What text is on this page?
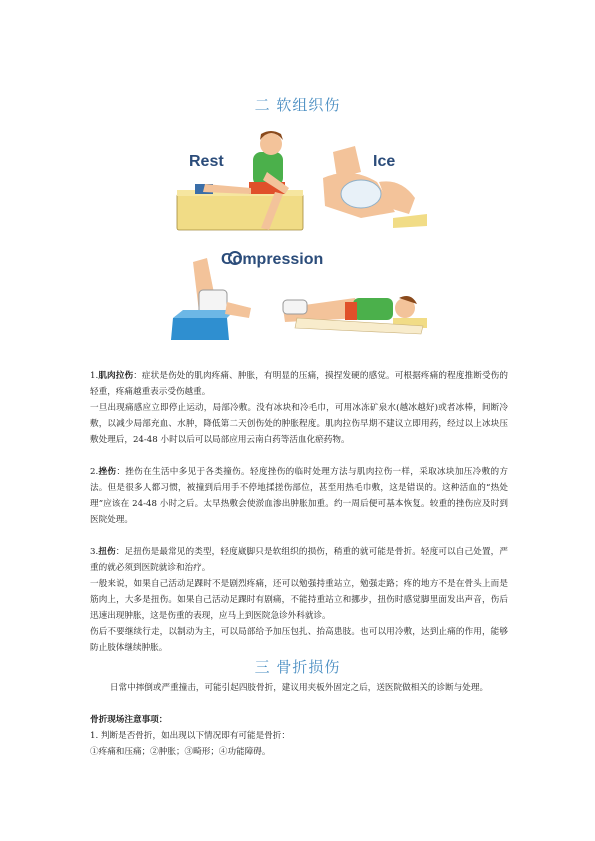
二 软组织伤
Rest	Ice
Compression

1.肌肉拉伤：症状是伤处的肌肉疼痛、肿胀，有明显的压痛，摸捏发硬的感觉。可根据疼痛的程度推断受伤的轻重，疼痛越重表示受伤越重。

一旦出现痛感应立即停止运动，局部冷敷。没有冰块和冷毛巾，可用冰冻矿泉水(越冰越好)或者冰棒，间断冷敷，以减少局部充血、水肿，降低第二天创伤处的肿胀程度。肌肉拉伤早期不建议立即用药，经过以上冰块压敷处理后，24-48 小时以后可以局部应用云南白药等活血化瘀药物。

2.挫伤：挫伤在生活中多见于各类撞伤。轻度挫伤的临时处理方法与肌肉拉伤一样，采取冰块加压冷敷的方法。但是很多人都习惯，被撞到后用手不停地揉搓伤部位，甚至用热毛巾敷，这是错误的。这种活血的“热处理”应该在 24-48 小时之后。太早热敷会使淤血渗出肿胀加重。约一周后便可基本恢复。较重的挫伤应及时到医院处理。

3.扭伤：足扭伤是最常见的类型，轻度崴脚只是软组织的损伤，稍重的就可能是骨折。轻度可以自己处置，严重的就必须到医院就诊和治疗。

一般来说，如果自己活动足踝时不是剧烈疼痛，还可以勉强持重站立，勉强走路；疼的地方不是在骨头上而是筋肉上，大多是扭伤。如果自己活动足踝时有剧痛，不能持重站立和挪步，扭伤时感觉脚里面发出声音，伤后迅速出现肿胀，这是伤重的表现，应马上到医院急诊外科就诊。

伤后不要继续行走，以制动为主，可以局部给予加压包扎、抬高患肢。也可以用冷敷，达到止痛的作用，能够防止肢体继续肿胀。

三 骨折损伤

日常中摔倒或严重撞击，可能引起四肢骨折，建议用夹板外固定之后，送医院做相关的诊断与处理。

骨折现场注意事项：

1. 判断是否骨折，如出现以下情况即有可能是骨折：

①疼痛和压痛；②肿胀；③畸形；④功能障碍。
